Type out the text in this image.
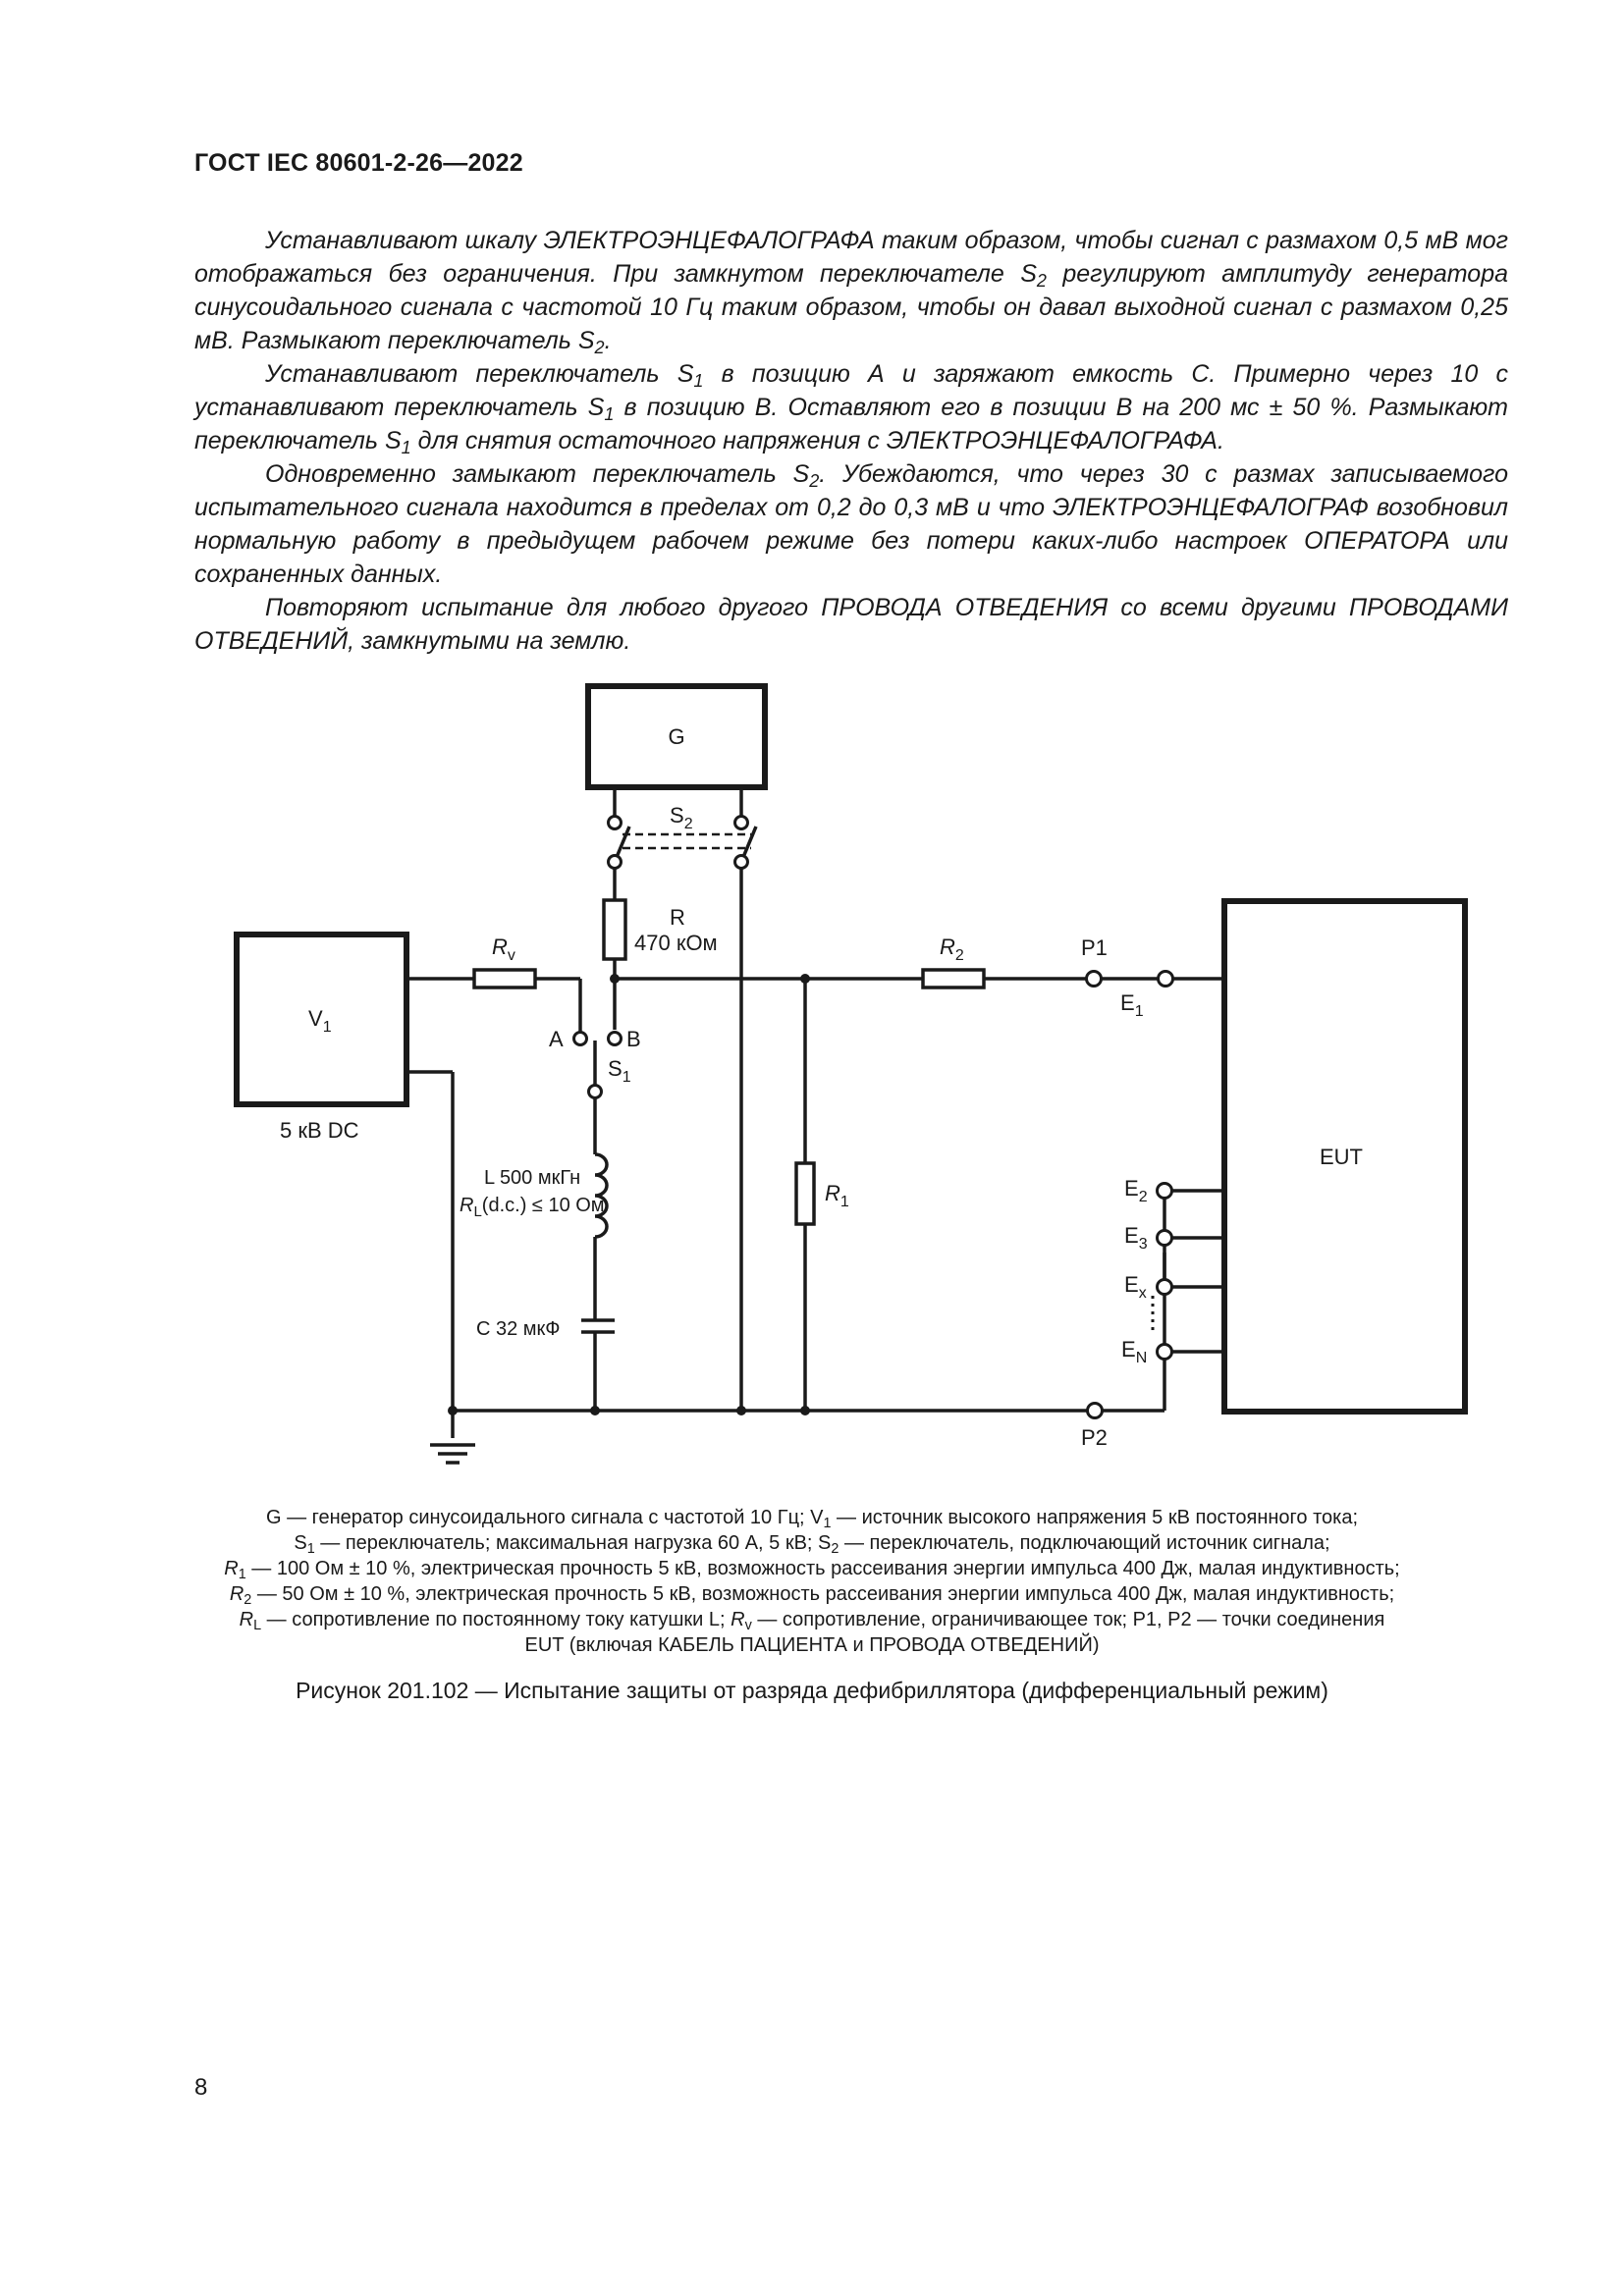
ГОСТ IEC 80601-2-26—2022

Устанавливают шкалу ЭЛЕКТРОЭНЦЕФАЛОГРАФА таким образом, чтобы сигнал с размахом 0,5 мВ мог отображаться без ограничения. При замкнутом переключателе $S_2$ регулируют амплитуду генератора синусоидального сигнала с частотой 10 Гц таким образом, чтобы он давал выходной сигнал с размахом 0,25 мВ. Размыкают переключатель $S_2$.

Устанавливают переключатель $S_1$ в позицию А и заряжают емкость С. Примерно через 10 с устанавливают переключатель $S_1$ в позицию В. Оставляют его в позиции В на 200 мс ± 50 %. Размыкают переключатель $S_1$ для снятия остаточного напряжения с ЭЛЕКТРОЭНЦЕФАЛОГРАФА.

Одновременно замыкают переключатель $S_2$. Убеждаются, что через 30 с размах записываемого испытательного сигнала находится в пределах от 0,2 до 0,3 мВ и что ЭЛЕКТРОЭНЦЕФАЛОГРАФ возобновил нормальную работу в предыдущем рабочем режиме без потери каких-либо настроек ОПЕРАТОРА или сохраненных данных.

Повторяют испытание для любого другого ПРОВОДА ОТВЕДЕНИЯ со всеми другими ПРОВОДАМИ ОТВЕДЕНИЙ, замкнутыми на землю.

G
$S_2$
R
470 кОм
$R_v$
$V_1$
5 кВ DC
A	B
$S_1$
$R_2$	P1
$E_1$
L 500 мкГн
$R_L(d.c.) \le 10$ Ом	$R_1$
C 32 мкФ
EUT
$E_2$
$E_3$
$E_x$
$E_N$
P2
G — генератор синусоидального сигнала с частотой 10 Гц; $V_1$ — источник высокого напряжения 5 кВ постоянного тока;
$S_1$ — переключатель; максимальная нагрузка 60 А, 5 кВ; $S_2$ — переключатель, подключающий источник сигнала;
$R_1$ — 100 Ом ± 10 %, электрическая прочность 5 кВ, возможность рассеивания энергии импульса 400 Дж, малая индуктивность;
$R_2$ — 50 Ом ± 10 %, электрическая прочность 5 кВ, возможность рассеивания энергии импульса 400 Дж, малая индуктивность;
$R_L$ — сопротивление по постоянному току катушки L; $R_v$ — сопротивление, ограничивающее ток; P1, P2 — точки соединения
EUT (включая КАБЕЛЬ ПАЦИЕНТА и ПРОВОДА ОТВЕДЕНИЙ)
Рисунок 201.102 — Испытание защиты от разряда дефибриллятора (дифференциальный режим)
8
